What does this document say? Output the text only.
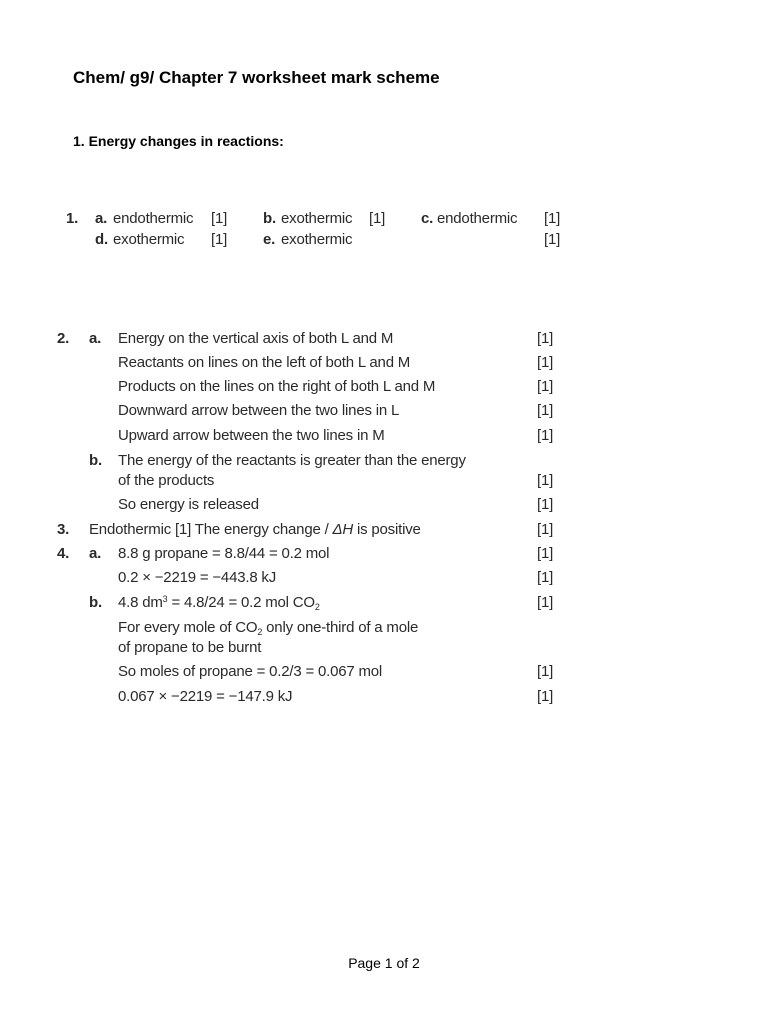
Chem/ g9/ Chapter 7 worksheet mark scheme
1. Energy changes in reactions:
1. a. endothermic [1] b. exothermic [1] c. endothermic [1]
d. exothermic [1] e. exothermic	[1]
2. a. Energy on the vertical axis of both L and M	[1]
Reactants on lines on the left of both L and M	[1]
Products on the lines on the right of both L and M	[1]
Downward arrow between the two lines in L	[1]
Upward arrow between the two lines in M	[1]
b. The energy of the reactants is greater than the energy
of the products	[1]
So energy is released	[1]
3. Endothermic [1] The energy change / ΔH is positive	[1]
4. a. 8.8 g propane = 8.8/44 = 0.2 mol	[1]
0.2 × −2219 = −443.8 kJ	[1]
b. 4.8 $dm^3 = 4.8/24 = 0.2$ mol $CO_2$	[1]
For every mole of $CO_2$ only one-third of a mole
of propane to be burnt
So moles of propane = 0.2/3 = 0.067 mol	[1]
0.067 × −2219 = −147.9 kJ	[1]
Page 1 of 2
